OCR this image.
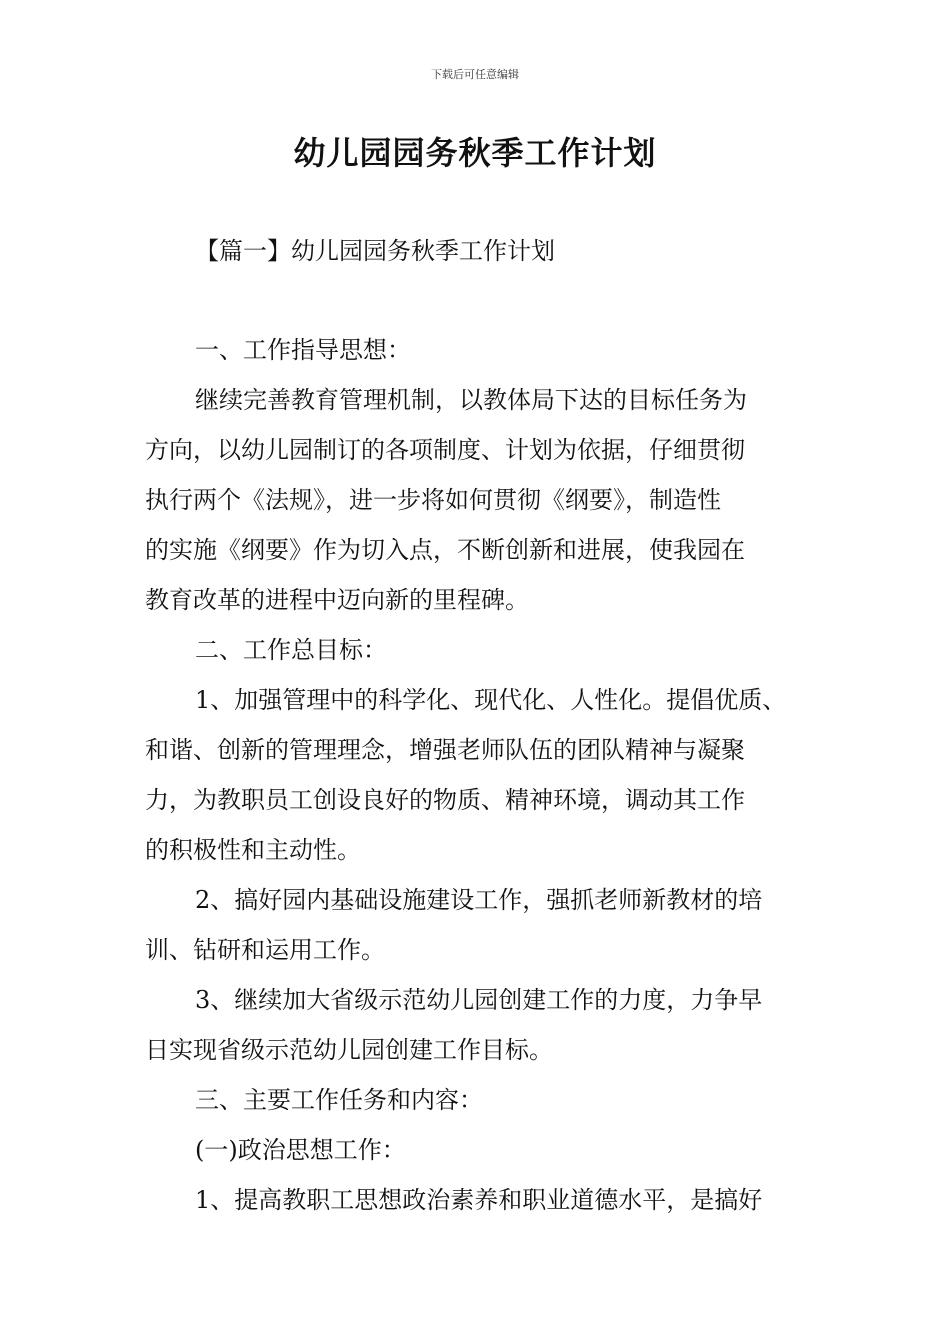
下载后可任意编辑
幼儿园园务秋季工作计划
【篇一】幼儿园园务秋季工作计划

一、工作指导思想：

继续完善教育管理机制，以教体局下达的目标任务为

方向，以幼儿园制订的各项制度、计划为依据，仔细贯彻

执行两个《法规》，进一步将如何贯彻《纲要》，制造性

的实施《纲要》作为切入点，不断创新和进展，使我园在

教育改革的进程中迈向新的里程碑。

二、工作总目标：

1、加强管理中的科学化、现代化、人性化。提倡优质、

和谐、创新的管理理念，增强老师队伍的团队精神与凝聚

力，为教职员工创设良好的物质、精神环境，调动其工作

的积极性和主动性。

2、搞好园内基础设施建设工作，强抓老师新教材的培

训、钻研和运用工作。

3、继续加大省级示范幼儿园创建工作的力度，力争早

日实现省级示范幼儿园创建工作目标。

三、主要工作任务和内容：

(一)政治思想工作：

1、提高教职工思想政治素养和职业道德水平，是搞好
